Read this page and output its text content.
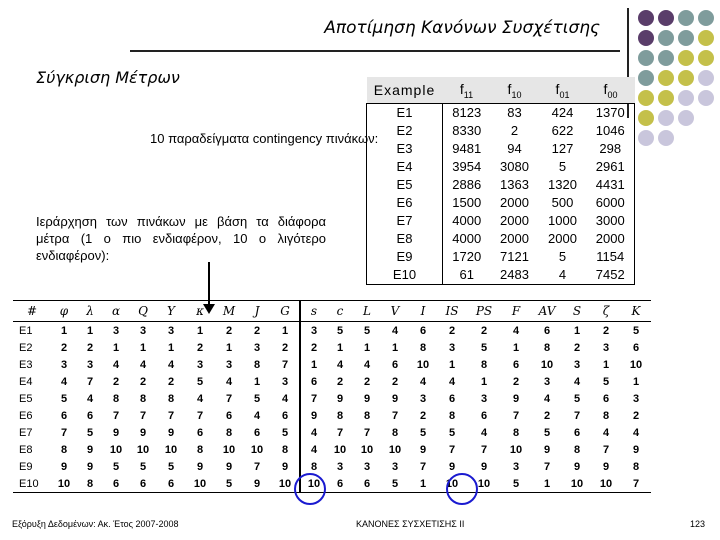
Αποτίμηση Κανόνων Συσχέτισης
Σύγκριση Μέτρων
10 παραδείγματα contingency πινάκων:
Ιεράρχηση των πινάκων με βάση τα διάφορα μέτρα (1 ο πιο ενδιαφέρον, 10 ο λιγότερο ενδιαφέρον):
Example	$f_{11}$	$f_{10}$	$f_{01}$	$f_{00}$
E1	8123	83	424	1370
E2	8330	2	622	1046
E3	9481	94	127	298
E4	3954	3080	5	2961
E5	2886	1363	1320	4431
E6	1500	2000	500	6000
E7	4000	2000	1000	3000
E8	4000	2000	2000	2000
E9	1720	7121	5	1154
E10	61	2483	4	7452
#	φ	λ	α	Q	Y	κ	M	J	G	s	c	L	V	I	IS	PS	F	AV	S	ζ	K
E1	1	1	3	3	3	1	2	2	1	3	5	5	4	6	2	2	4	6	1	2	5
E2	2	2	1	1	1	2	1	3	2	2	1	1	1	8	3	5	1	8	2	3	6
E3	3	3	4	4	4	3	3	8	7	1	4	4	6	10	1	8	6	10	3	1	10
E4	4	7	2	2	2	5	4	1	3	6	2	2	2	4	4	1	2	3	4	5	1
E5	5	4	8	8	8	4	7	5	4	7	9	9	9	3	6	3	9	4	5	6	3
E6	6	6	7	7	7	7	6	4	6	9	8	8	7	2	8	6	7	2	7	8	2
E7	7	5	9	9	9	6	8	6	5	4	7	7	8	5	5	4	8	5	6	4	4
E8	8	9	10	10	10	8	10	10	8	4	10	10	10	9	7	7	10	9	8	7	9
E9	9	9	5	5	5	9	9	7	9	8	3	3	3	7	9	9	3	7	9	9	8
E10	10	8	6	6	6	10	5	9	10	10	6	6	5	1	10	10	5	1	10	10	7
Εξόρυξη Δεδομένων: Ακ. Έτος 2007-2008	ΚΑΝΟΝΕΣ ΣΥΣΧΕΤΙΣΗΣ ΙΙ	123
